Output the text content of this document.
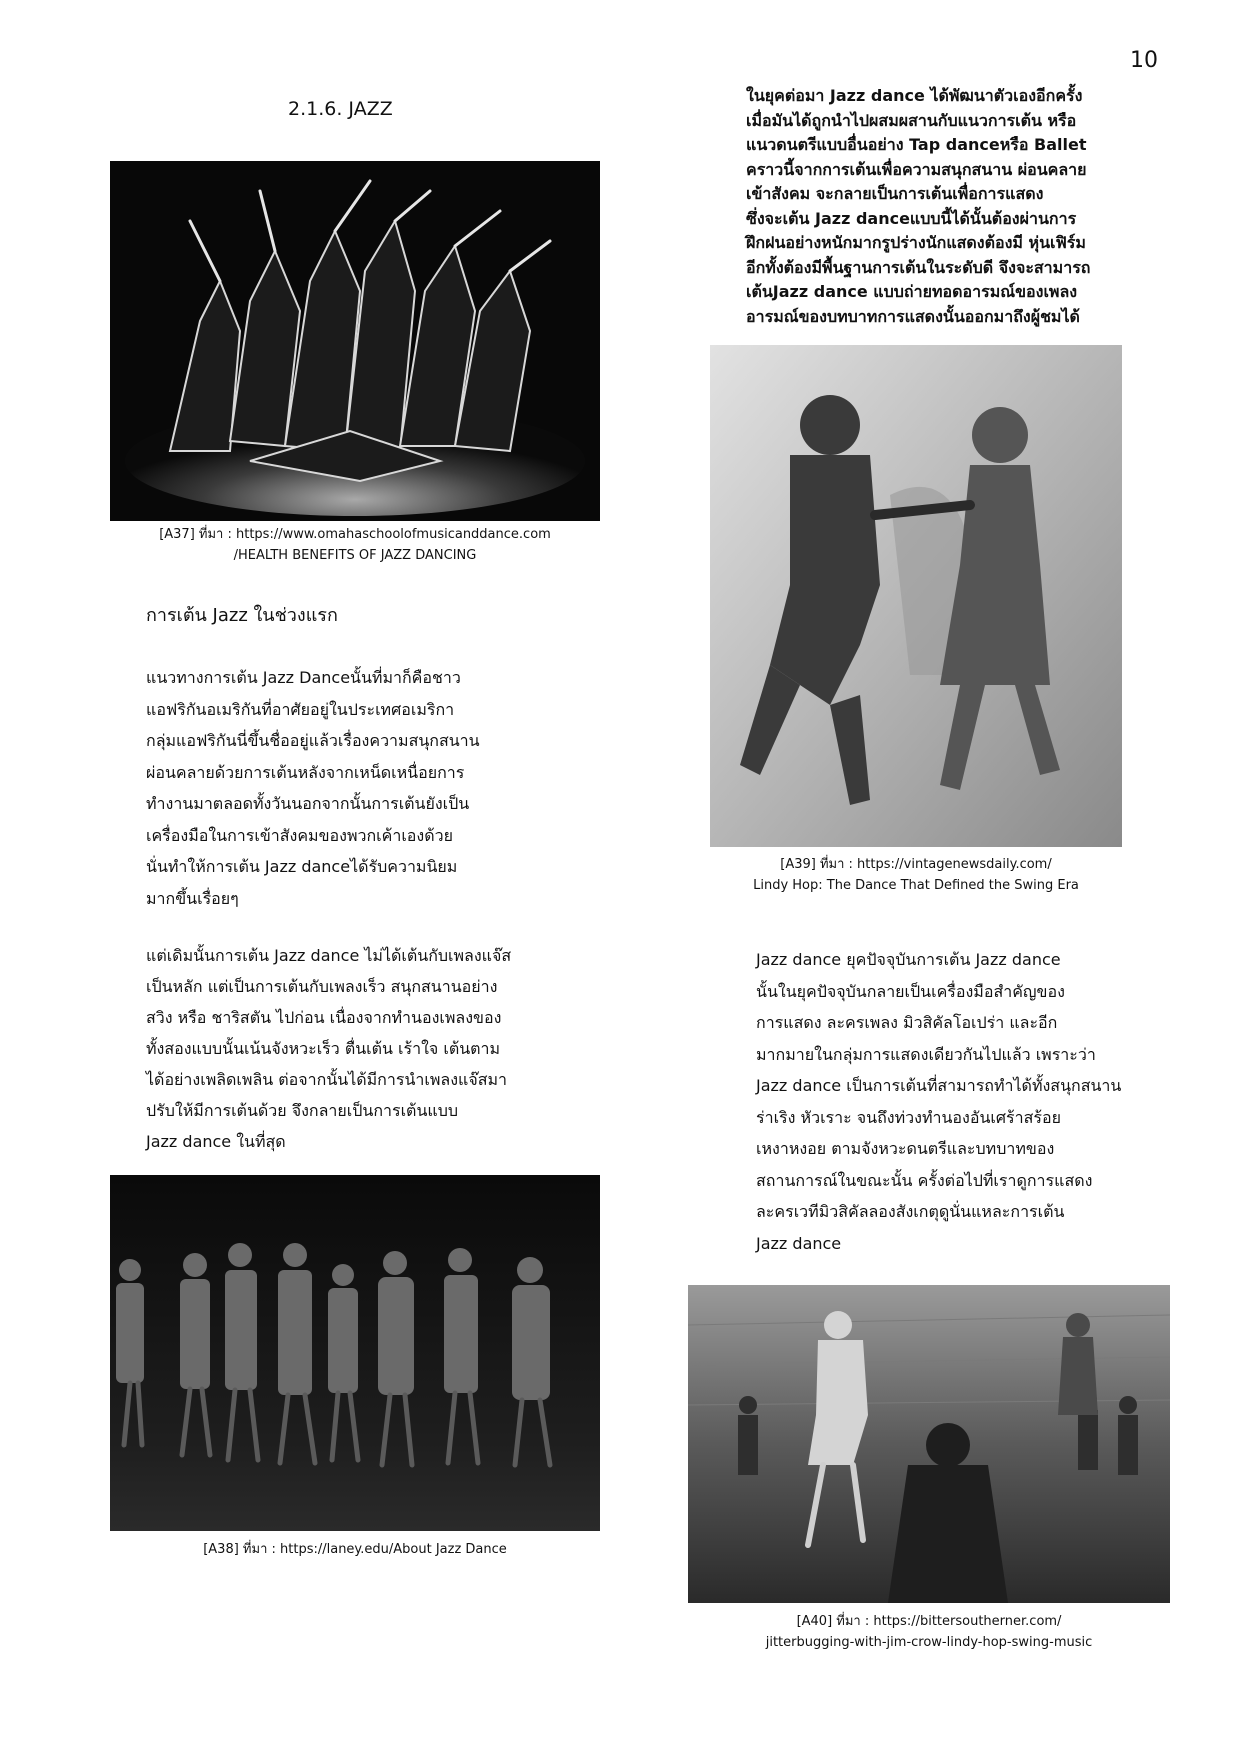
10
2.1.6. JAZZ

ในยุคต่อมา Jazz dance ได้พัฒนาตัวเองอีกครั้ง
เมื่อมันได้ถูกนำไปผสมผสานกับแนวการเต้น หรือ
แนวดนตรีแบบอื่นอย่าง Tap danceหรือ Ballet
คราวนี้จากการเต้นเพื่อความสนุกสนาน ผ่อนคลาย
เข้าสังคม จะกลายเป็นการเต้นเพื่อการแสดง
ซึ่งจะเต้น Jazz danceแบบนี้ได้นั้นต้องผ่านการ
ฝึกฝนอย่างหนักมากรูปร่างนักแสดงต้องมี หุ่นเฟิร์ม
อีกทั้งต้องมีพื้นฐานการเต้นในระดับดี จึงจะสามารถ
เต้นJazz dance แบบถ่ายทอดอารมณ์ของเพลง
อารมณ์ของบทบาทการแสดงนั้นออกมาถึงผู้ชมได้

[A37] ที่มา : https://www.omahaschoolofmusicanddance.com

/HEALTH BENEFITS OF JAZZ DANCING

การเต้น Jazz ในช่วงแรก

แนวทางการเต้น Jazz Danceนั้นที่มาก็คือชาว
แอฟริกันอเมริกันที่อาศัยอยู่ในประเทศอเมริกา
กลุ่มแอฟริกันนี่ขึ้นชื่ออยู่แล้วเรื่องความสนุกสนาน
ผ่อนคลายด้วยการเต้นหลังจากเหน็ดเหนื่อยการ
ทำงานมาตลอดทั้งวันนอกจากนั้นการเต้นยังเป็น
เครื่องมือในการเข้าสังคมของพวกเค้าเองด้วย
นั่นทำให้การเต้น Jazz danceได้รับความนิยม
มากขึ้นเรื่อยๆ

แต่เดิมนั้นการเต้น Jazz dance ไม่ได้เต้นกับเพลงแจ๊ส
เป็นหลัก แต่เป็นการเต้นกับเพลงเร็ว สนุกสนานอย่าง
สวิง หรือ ชาริสตัน ไปก่อน เนื่องจากทำนองเพลงของ
ทั้งสองแบบนั้นเน้นจังหวะเร็ว ตื่นเต้น เร้าใจ เต้นตาม
ได้อย่างเพลิดเพลิน ต่อจากนั้นได้มีการนำเพลงแจ๊สมา
ปรับให้มีการเต้นด้วย จึงกลายเป็นการเต้นแบบ
Jazz dance ในที่สุด

[A39] ที่มา : https://vintagenewsdaily.com/

Lindy Hop: The Dance That Defined the Swing Era

Jazz dance ยุคปัจจุบันการเต้น Jazz dance
นั้นในยุคปัจจุบันกลายเป็นเครื่องมือสำคัญของ
การแสดง ละครเพลง มิวสิคัลโอเปร่า และอีก
มากมายในกลุ่มการแสดงเดียวกันไปแล้ว เพราะว่า
Jazz dance เป็นการเต้นที่สามารถทำได้ทั้งสนุกสนาน
ร่าเริง หัวเราะ จนถึงท่วงทำนองอันเศร้าสร้อย
เหงาหงอย ตามจังหวะดนตรีและบทบาทของ
สถานการณ์ในขณะนั้น ครั้งต่อไปที่เราดูการแสดง
ละครเวทีมิวสิคัลลองสังเกตุดูนั่นแหละการเต้น
Jazz dance

[A38] ที่มา : https://laney.edu/About Jazz Dance

[A40] ที่มา : https://bittersoutherner.com/

jitterbugging-with-jim-crow-lindy-hop-swing-music
